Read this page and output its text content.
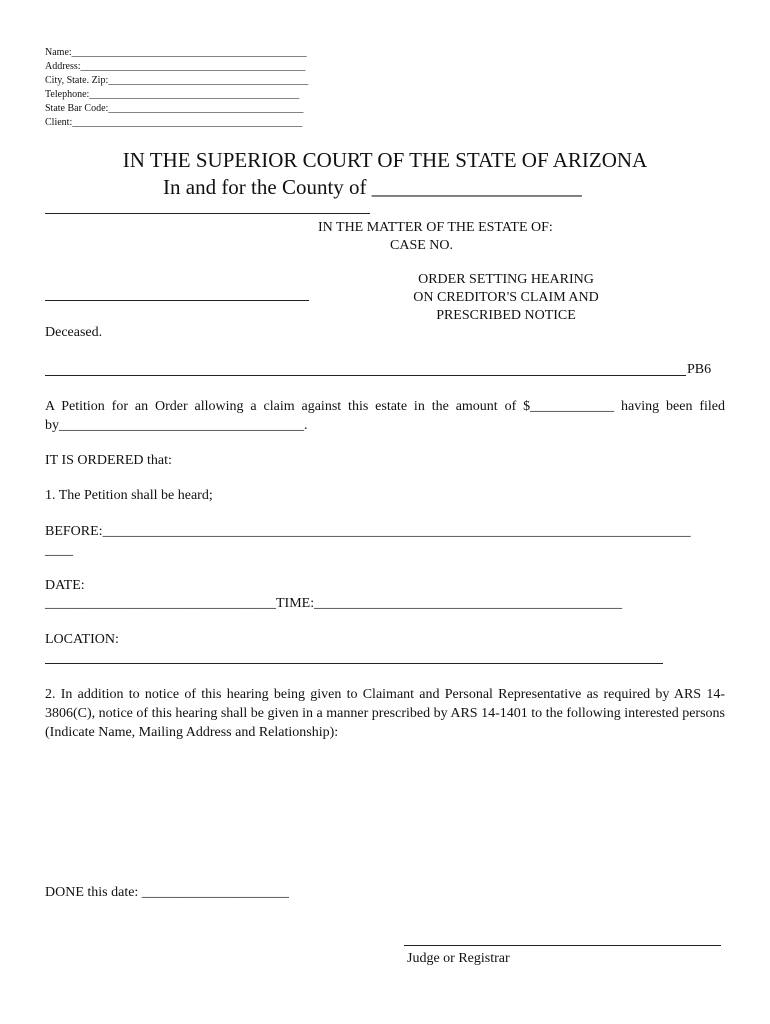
Name:_______________________________________________
Address:_____________________________________________
City, State. Zip:________________________________________
Telephone:__________________________________________
State Bar Code:_______________________________________
Client:______________________________________________
IN THE SUPERIOR COURT OF THE STATE OF ARIZONA
In and for the County of ____________________
IN THE MATTER OF THE ESTATE OF:
CASE NO.
ORDER SETTING HEARING
ON CREDITOR'S CLAIM AND
PRESCRIBED NOTICE
Deceased.
PB6
A Petition for an Order allowing a claim against this estate in the amount of $____________ having been filed by___________________________________.
IT IS ORDERED that:
1. The Petition shall be heard;
BEFORE:____________________________________________________________________________________
____
DATE:
_________________________________TIME:____________________________________________
LOCATION:
2. In addition to notice of this hearing being given to Claimant and Personal Representative as required by ARS 14-3806(C), notice of this hearing shall be given in a manner prescribed by ARS 14-1401 to the following interested persons (Indicate Name, Mailing Address and Relationship):
DONE this date: _____________________
Judge or Registrar
